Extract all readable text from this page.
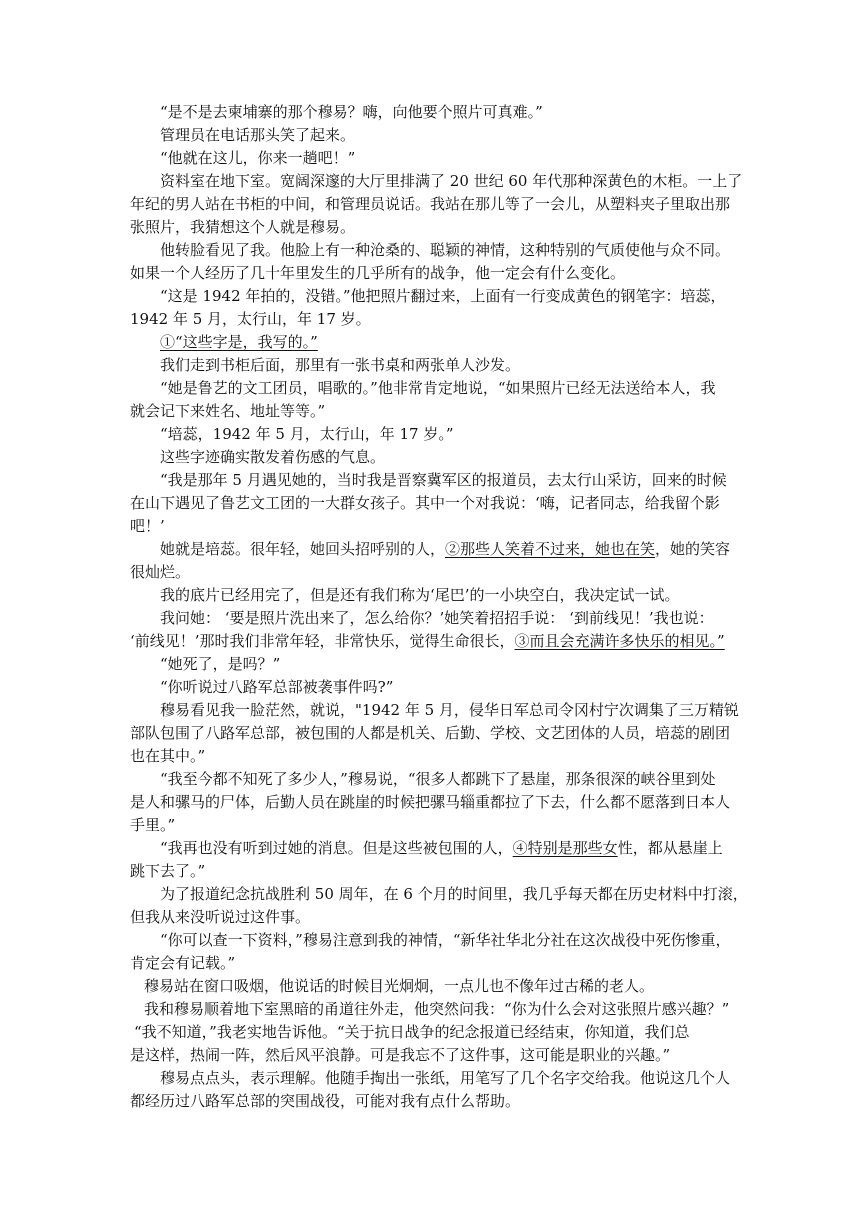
“是不是去柬埔寨的那个穆易？嗨，向他要个照片可真难。”

管理员在电话那头笑了起来。

“他就在这儿，你来一趟吧！”

资料室在地下室。宽阔深邃的大厅里排满了 20 世纪 60 年代那种深黄色的木柜。一上了

年纪的男人站在书柜的中间，和管理员说话。我站在那儿等了一会儿，从塑料夹子里取出那

张照片，我猜想这个人就是穆易。

他转脸看见了我。他脸上有一种沧桑的、聪颖的神情，这种特别的气质使他与众不同。

如果一个人经历了几十年里发生的几乎所有的战争，他一定会有什么变化。

“这是 1942 年拍的，没错。”他把照片翻过来，上面有一行变成黄色的钢笔字：培蕊，

1942 年 5 月，太行山，年 17 岁。

①“这些字是，我写的。”

我们走到书柜后面，那里有一张书桌和两张单人沙发。

“她是鲁艺的文工团员，唱歌的。”他非常肯定地说，“如果照片已经无法送给本人，我

就会记下来姓名、地址等等。”

“培蕊，1942 年 5 月，太行山，年 17 岁。”

这些字迹确实散发着伤感的气息。

“我是那年 5 月遇见她的，当时我是晋察冀军区的报道员，去太行山采访，回来的时候

在山下遇见了鲁艺文工团的一大群女孩子。其中一个对我说：‘嗨，记者同志，给我留个影

吧！’

她就是培蕊。很年轻，她回头招呼别的人，②那些人笑着不过来，她也在笑，她的笑容

很灿烂。

我的底片已经用完了，但是还有我们称为‘尾巴’的一小块空白，我决定试一试。

我问她： ‘要是照片洗出来了，怎么给你？’她笑着招招手说： ‘到前线见！’我也说：

‘前线见！’那时我们非常年轻，非常快乐，觉得生命很长，③而且会充满许多快乐的相见。”

“她死了，是吗？”

“你听说过八路军总部被袭事件吗?”

穆易看见我一脸茫然，就说，"1942 年 5 月，侵华日军总司令冈村宁次调集了三万精锐

部队包围了八路军总部，被包围的人都是机关、后勤、学校、文艺团体的人员，培蕊的剧团

也在其中。”

“我至今都不知死了多少人，”穆易说，“很多人都跳下了悬崖，那条很深的峡谷里到处

是人和骡马的尸体，后勤人员在跳崖的时候把骡马辎重都拉了下去，什么都不愿落到日本人

手里。”

“我再也没有听到过她的消息。但是这些被包围的人，④特别是那些女性，都从悬崖上

跳下去了。”

为了报道纪念抗战胜利 50 周年，在 6 个月的时间里，我几乎每天都在历史材料中打滚，

但我从来没听说过这件事。

“你可以查一下资料，”穆易注意到我的神情，“新华社华北分社在这次战役中死伤惨重，

肯定会有记载。”

穆易站在窗口吸烟，他说话的时候目光炯炯，一点儿也不像年过古稀的老人。

我和穆易顺着地下室黑暗的甬道往外走，他突然问我：“你为什么会对这张照片感兴趣？”

“我不知道，”我老实地告诉他。“关于抗日战争的纪念报道已经结束，你知道，我们总

是这样，热闹一阵，然后风平浪静。可是我忘不了这件事，这可能是职业的兴趣。”

穆易点点头，表示理解。他随手掏出一张纸，用笔写了几个名字交给我。他说这几个人

都经历过八路军总部的突围战役，可能对我有点什么帮助。
